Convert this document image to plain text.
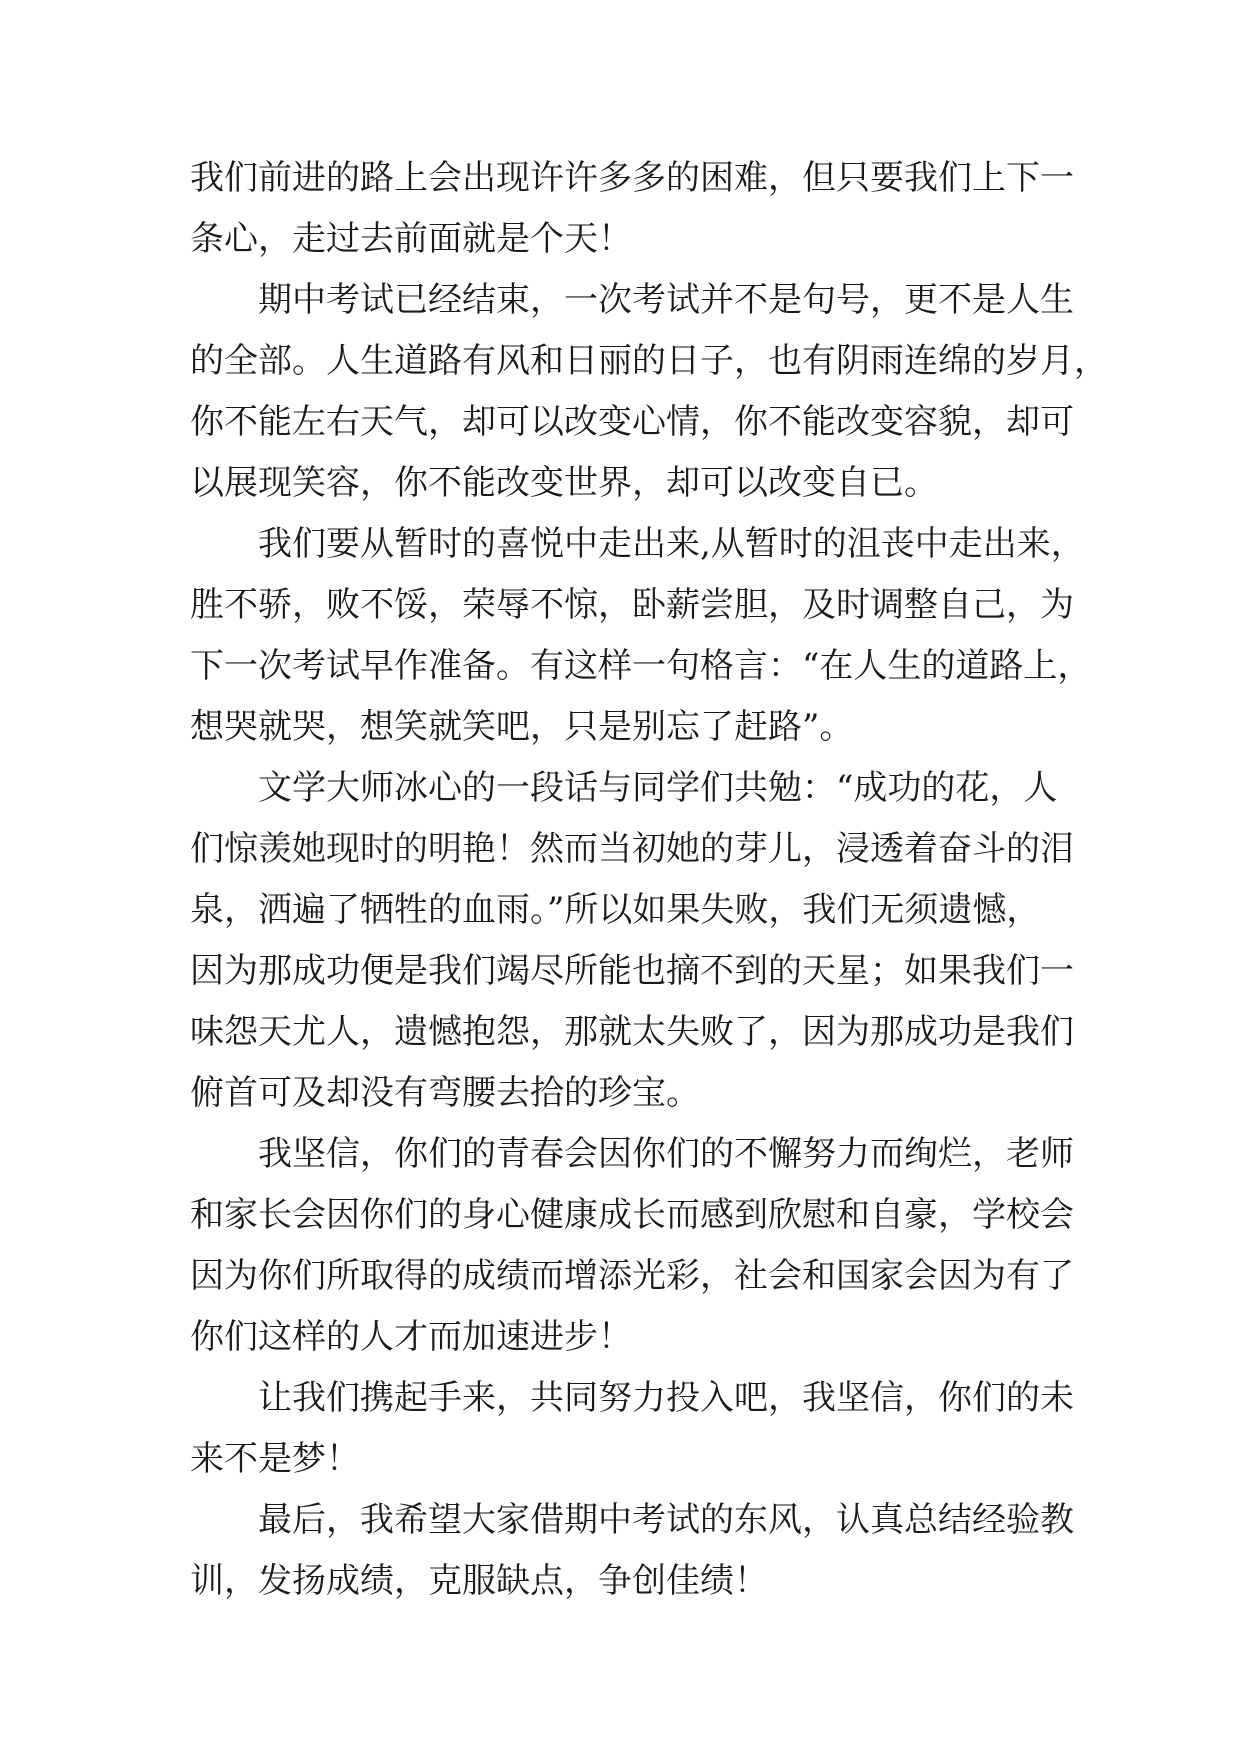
我们前进的路上会出现许许多多的困难，但只要我们上下一
条心，走过去前面就是个天！
期中考试已经结束，一次考试并不是句号，更不是人生
的全部。人生道路有风和日丽的日子，也有阴雨连绵的岁月，
你不能左右天气，却可以改变心情，你不能改变容貌，却可
以展现笑容，你不能改变世界，却可以改变自已。
我们要从暂时的喜悦中走出来,从暂时的沮丧中走出来，
胜不骄，败不馁，荣辱不惊，卧薪尝胆，及时调整自己，为
下一次考试早作准备。有这样一句格言：“在人生的道路上，
想哭就哭，想笑就笑吧，只是别忘了赶路”。
文学大师冰心的一段话与同学们共勉：“成功的花，人
们惊羡她现时的明艳！然而当初她的芽儿，浸透着奋斗的泪
泉，洒遍了牺牲的血雨。”所以如果失败，我们无须遗憾，
因为那成功便是我们竭尽所能也摘不到的天星；如果我们一
味怨天尤人，遗憾抱怨，那就太失败了，因为那成功是我们
俯首可及却没有弯腰去拾的珍宝。
我坚信，你们的青春会因你们的不懈努力而绚烂，老师
和家长会因你们的身心健康成长而感到欣慰和自豪，学校会
因为你们所取得的成绩而增添光彩，社会和国家会因为有了
你们这样的人才而加速进步！
让我们携起手来，共同努力投入吧，我坚信，你们的未
来不是梦！
最后，我希望大家借期中考试的东风，认真总结经验教
训，发扬成绩，克服缺点，争创佳绩！
